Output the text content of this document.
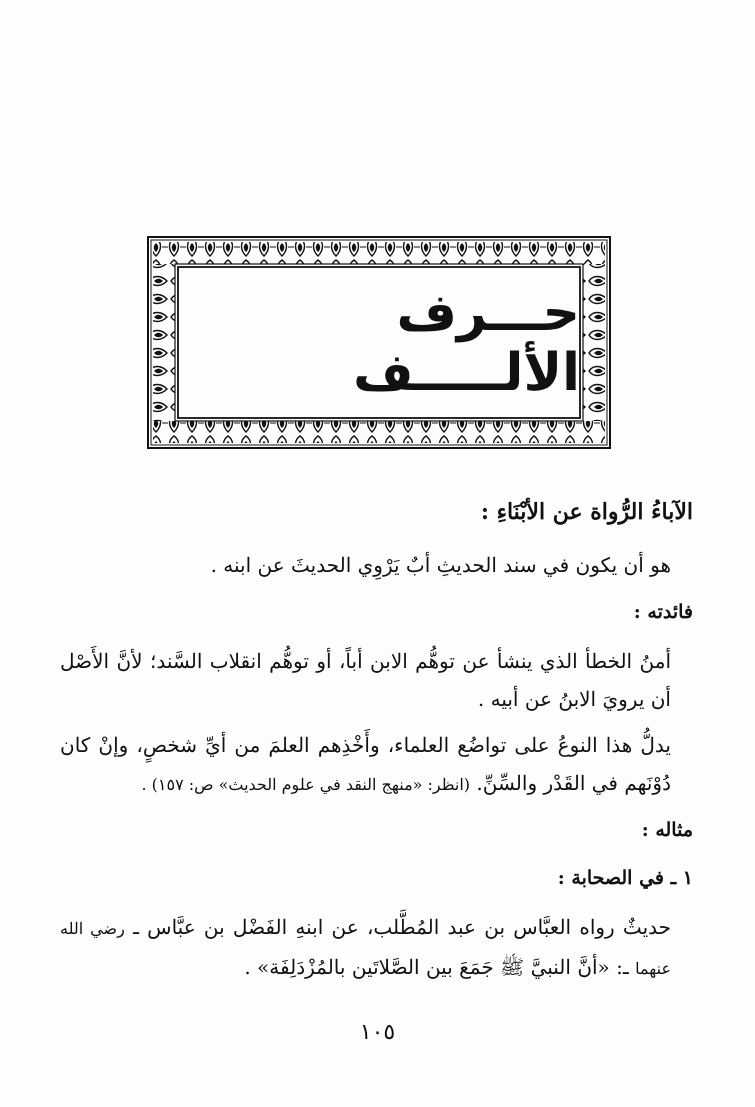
حـــرف الألـــــف

الآباءُ الرُّواة عن الأبْنَاءِ :

هو أن يكون في سند الحديثِ أبٌ يَرْوِي الحديثَ عن ابنه .

فائدته :

أمنُ الخطأ الذي ينشأ عن توهُّم الابن أباً، أو توهُّم انقلاب السَّند؛ لأنَّ الأَصْل أن يرويَ الابنُ عن أبيه .

يدلُّ هذا النوعُ على تواضُع العلماء، وأَخْذِهم العلمَ من أيِّ شخصٍ، وإنْ كان دُوْنَهم في القَدْر والسِّنِّ. (انظر: «منهج النقد في علوم الحديث» ص: ١٥٧) .

مثاله :

١ ـ في الصحابة :

حديثٌ رواه العبَّاس بن عبد المُطَّلب، عن ابنهِ الفَضْل بن عبَّاس ـ رضي الله عنهما ـ: «أنَّ النبيَّ ﷺ جَمَعَ بين الصَّلاتَين بالمُزْدَلِفَة» .

١٠٥
